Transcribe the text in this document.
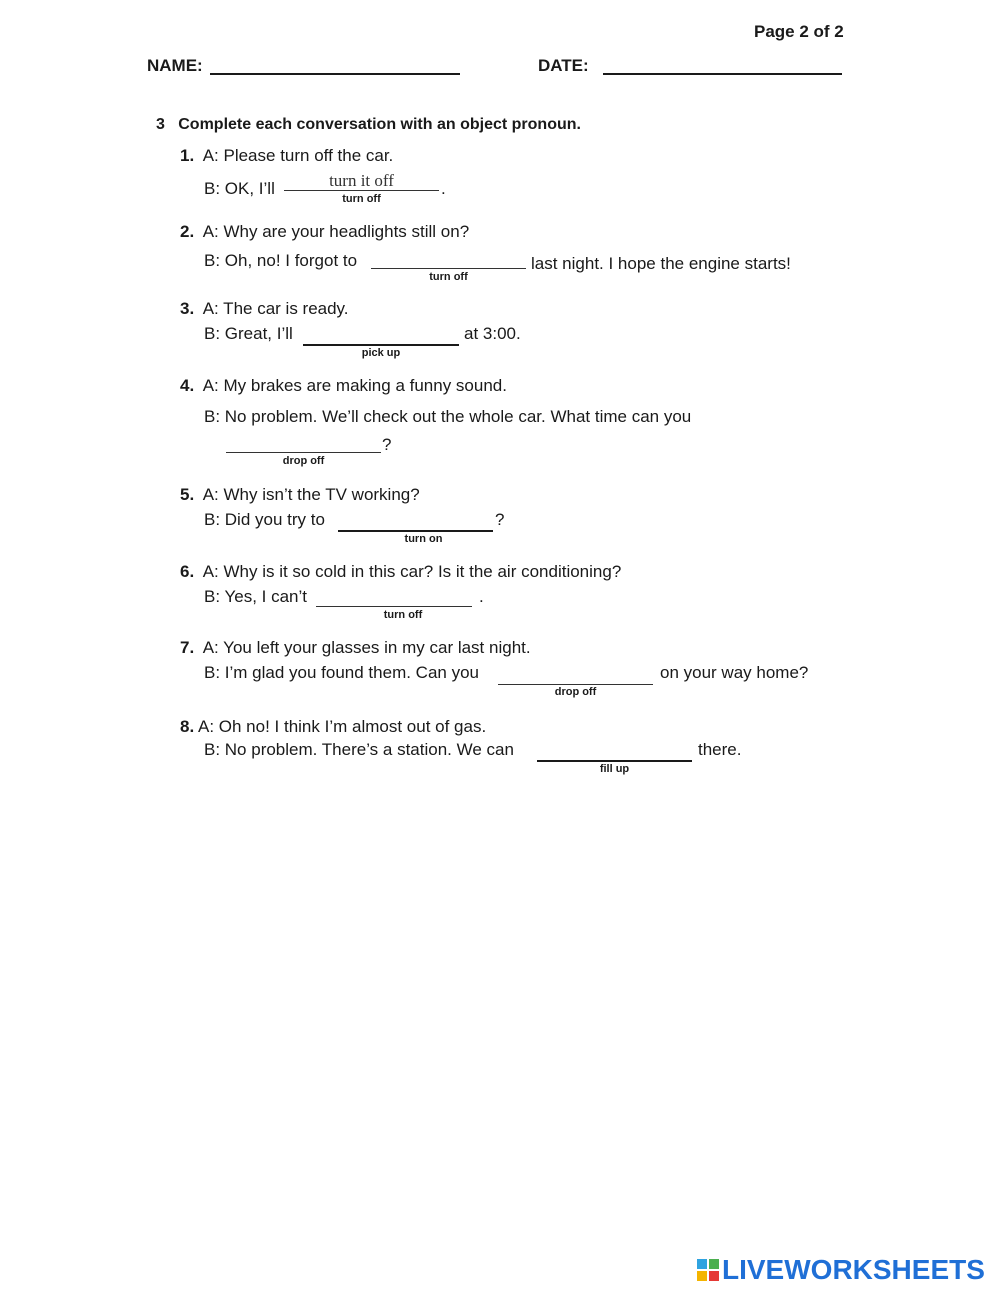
Page 2 of 2
NAME:	DATE:
3 Complete each conversation with an object pronoun.
1. A: Please turn off the car.
B: OK, I’ll
turn it off	.
turn off
2. A: Why are your headlights still on?
B: Oh, no! I forgot to	last night. I hope the engine starts!
turn off
3. A: The car is ready.
B: Great, I’ll	at 3:00.
pick up
4. A: My brakes are making a funny sound.
B: No problem. We’ll check out the whole car. What time can you
?
drop off
5. A: Why isn’t the TV working?
B: Did you try to	?
turn on
6. A: Why is it so cold in this car? Is it the air conditioning?
B: Yes, I can’t	.
turn off
7. A: You left your glasses in my car last night.
B: I’m glad you found them. Can you	on your way home?
drop off
8. A: Oh no! I think I’m almost out of gas.
B: No problem. There’s a station. We can	there.
fill up
LIVEWORKSHEETS
